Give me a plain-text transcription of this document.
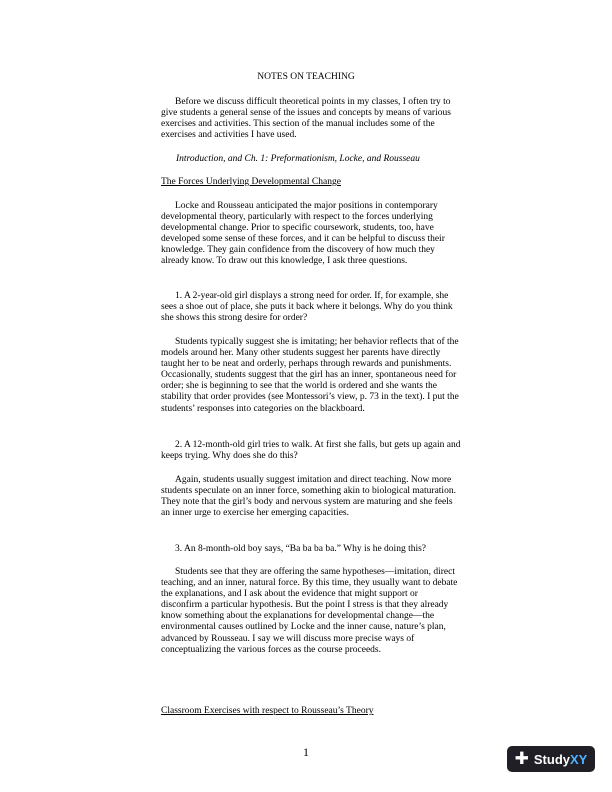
NOTES ON TEACHING
Before we discuss difficult theoretical points in my classes, I often try to give students a general sense of the issues and concepts by means of various exercises and activities. This section of the manual includes some of the exercises and activities I have used.
Introduction, and Ch. 1: Preformationism, Locke, and Rousseau
The Forces Underlying Developmental Change
Locke and Rousseau anticipated the major positions in contemporary developmental theory, particularly with respect to the forces underlying developmental change. Prior to specific coursework, students, too, have developed some sense of these forces, and it can be helpful to discuss their knowledge. They gain confidence from the discovery of how much they already know. To draw out this knowledge, I ask three questions.
1. A 2-year-old girl displays a strong need for order. If, for example, she sees a shoe out of place, she puts it back where it belongs. Why do you think she shows this strong desire for order?
Students typically suggest she is imitating; her behavior reflects that of the models around her. Many other students suggest her parents have directly taught her to be neat and orderly, perhaps through rewards and punishments. Occasionally, students suggest that the girl has an inner, spontaneous need for order; she is beginning to see that the world is ordered and she wants the stability that order provides (see Montessori’s view, p. 73 in the text). I put the students’ responses into categories on the blackboard.
2. A 12-month-old girl tries to walk. At first she falls, but gets up again and keeps trying. Why does she do this?
Again, students usually suggest imitation and direct teaching. Now more students speculate on an inner force, something akin to biological maturation. They note that the girl’s body and nervous system are maturing and she feels an inner urge to exercise her emerging capacities.
3. An 8-month-old boy says, “Ba ba ba ba.” Why is he doing this?
Students see that they are offering the same hypotheses—imitation, direct teaching, and an inner, natural force. By this time, they usually want to debate the explanations, and I ask about the evidence that might support or disconfirm a particular hypothesis. But the point I stress is that they already know something about the explanations for developmental change—the environmental causes outlined by Locke and the inner cause, nature’s plan, advanced by Rousseau. I say we will discuss more precise ways of conceptualizing the various forces as the course proceeds.
Classroom Exercises with respect to Rousseau’s Theory
1	✚ Study XY
